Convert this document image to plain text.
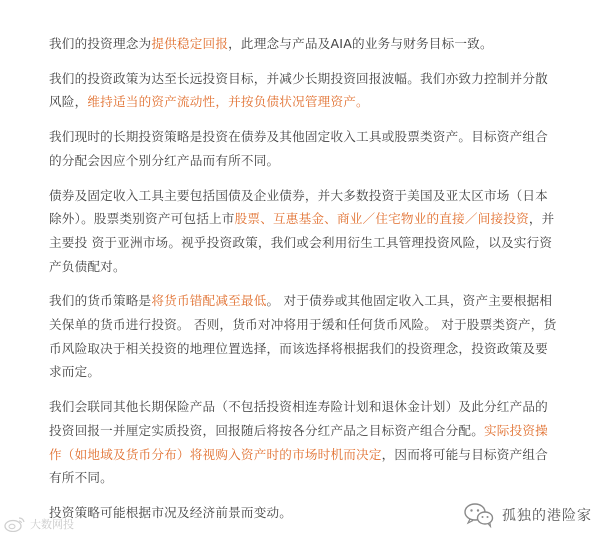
我们的投资理念为提供稳定回报，此理念与产品及AIA的业务与财务目标一致。

我们的投资政策为达至长远投资目标，并减少长期投资回报波幅。我们亦致力控制并分散风险，维持适当的资产流动性，并按负债状况管理资产。

我们现时的长期投资策略是投资在债券及其他固定收入工具或股票类资产。目标资产组合的分配会因应个别分红产品而有所不同。

债券及固定收入工具主要包括国债及企业债券，并大多数投资于美国及亚太区市场（日本除外）。股票类别资产可包括上市股票、互惠基金、商业／住宅物业的直接／间接投资，并主要投 资于亚洲市场。视乎投资政策，我们或会利用衍生工具管理投资风险，以及实行资产负债配对。

我们的货币策略是将货币错配减至最低。 对于债券或其他固定收入工具，资产主要根据相关保单的货币进行投资。 否则，货币对冲将用于缓和任何货币风险。 对于股票类资产，货币风险取决于相关投资的地理位置选择，而该选择将根据我们的投资理念，投资政策及要求而定。

我们会联同其他长期保险产品（不包括投资相连寿险计划和退休金计划）及此分红产品的投资回报一并厘定实质投资，回报随后将按各分红产品之目标资产组合分配。实际投资操作（如地域及货币分布）将视购入资产时的市场时机而决定，因而将可能与目标资产组合有所不同。

投资策略可能根据市况及经济前景而变动。

大数网投
孤独的港险家
